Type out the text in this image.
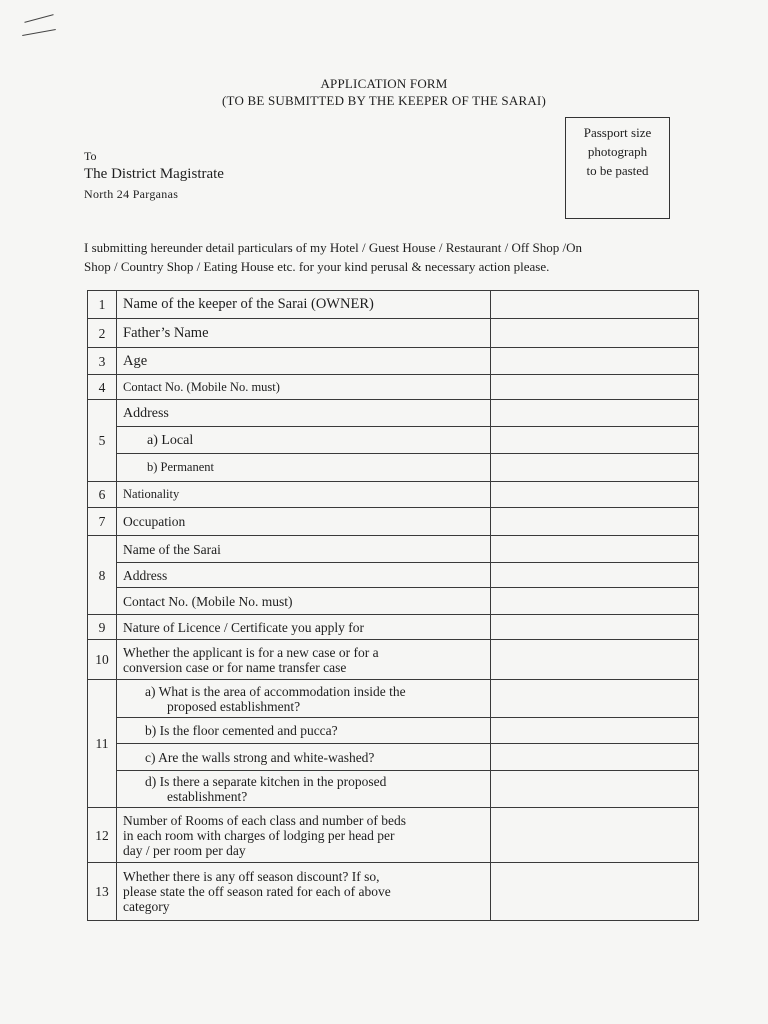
APPLICATION FORM
(TO BE SUBMITTED BY THE KEEPER OF THE SARAI)
To
The District Magistrate
North 24 Parganas
Passport size
photograph
to be pasted
I submitting hereunder detail particulars of my Hotel / Guest House / Restaurant / Off Shop /On
Shop / Country Shop / Eating House etc. for your kind perusal & necessary action please.
1	Name of the keeper of the Sarai (OWNER)	
2	Father’s Name	
3	Age	
4	Contact No. (Mobile No. must)	
5	Address	
	a) Local	
	b) Permanent	
6	Nationality	
7	Occupation	
8	Name of the Sarai	
	Address	
	Contact No. (Mobile No. must)	
9	Nature of Licence / Certificate you apply for	
10	Whether the applicant is for a new case or for a
conversion case or for name transfer case	

11	a) What is the area of accommodation inside the
proposed establishment?	

	b) Is the floor cemented and pucca?	
	c) Are the walls strong and white-washed?	

	d) Is there a separate kitchen in the proposed
establishment?	

12	Number of Rooms of each class and number of beds
in each room with charges of lodging per head per
day / per room per day	

13	Whether there is any off season discount? If so,
please state the off season rated for each of above
category	
